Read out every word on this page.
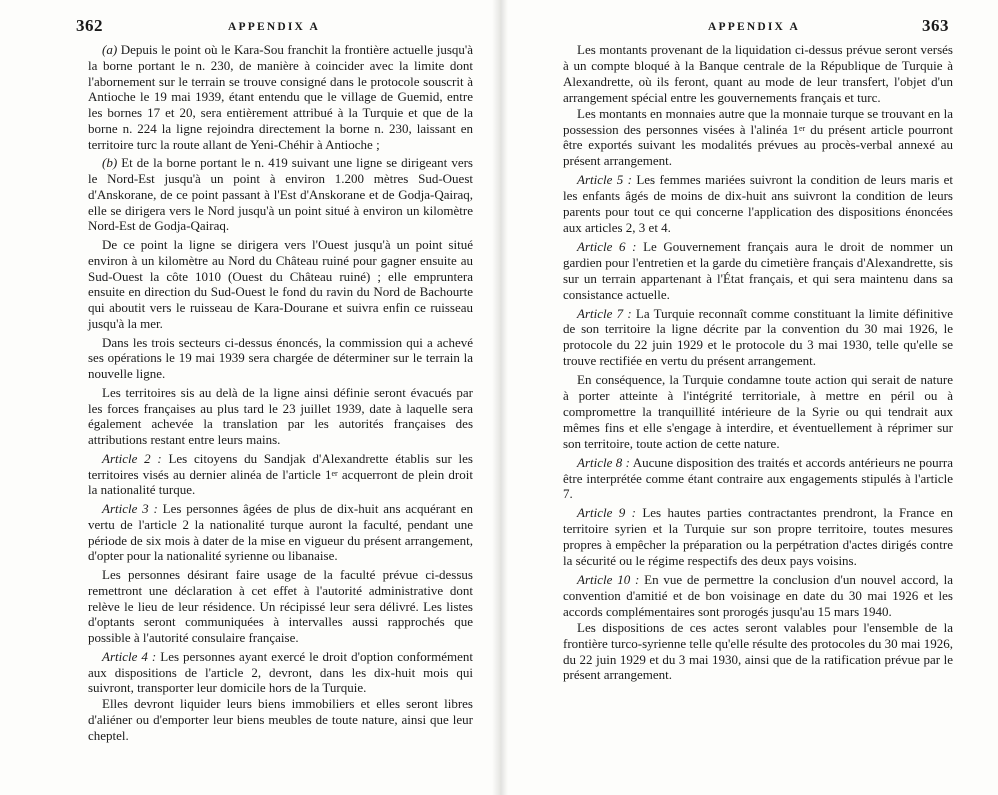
362	APPENDIX A

(a) Depuis le point où le Kara-Sou franchit la frontière actuelle jusqu'à la borne portant le n. 230, de manière à coincider avec la limite dont l'abornement sur le terrain se trouve consigné dans le protocole souscrit à Antioche le 19 mai 1939, étant entendu que le village de Guemid, entre les bornes 17 et 20, sera entièrement attribué à la Turquie et que de la borne n. 224 la ligne rejoindra directement la borne n. 230, laissant en territoire turc la route allant de Yeni-Chéhir à Antioche ;

(b) Et de la borne portant le n. 419 suivant une ligne se dirigeant vers le Nord-Est jusqu'à un point à environ 1.200 mètres Sud-Ouest d'Anskorane, de ce point passant à l'Est d'Anskorane et de Godja-Qairaq, elle se dirigera vers le Nord jusqu'à un point situé à environ un kilomètre Nord-Est de Godja-Qairaq.

De ce point la ligne se dirigera vers l'Ouest jusqu'à un point situé environ à un kilomètre au Nord du Château ruiné pour gagner ensuite au Sud-Ouest la côte 1010 (Ouest du Château ruiné) ; elle empruntera ensuite en direction du Sud-Ouest le fond du ravin du Nord de Bachourte qui aboutit vers le ruisseau de Kara-Dourane et suivra enfin ce ruisseau jusqu'à la mer.

Dans les trois secteurs ci-dessus énoncés, la commission qui a achevé ses opérations le 19 mai 1939 sera chargée de déterminer sur le terrain la nouvelle ligne.

Les territoires sis au delà de la ligne ainsi définie seront évacués par les forces françaises au plus tard le 23 juillet 1939, date à laquelle sera également achevée la translation par les autorités françaises des attributions restant entre leurs mains.

Article 2 : Les citoyens du Sandjak d'Alexandrette établis sur les territoires visés au dernier alinéa de l'article 1er acquerront de plein droit la nationalité turque.

Article 3 : Les personnes âgées de plus de dix-huit ans acquérant en vertu de l'article 2 la nationalité turque auront la faculté, pendant une période de six mois à dater de la mise en vigueur du présent arrangement, d'opter pour la nationalité syrienne ou libanaise.

Les personnes désirant faire usage de la faculté prévue ci-dessus remettront une déclaration à cet effet à l'autorité administrative dont relève le lieu de leur résidence. Un récipissé leur sera délivré. Les listes d'optants seront communiquées à intervalles aussi rapprochés que possible à l'autorité consulaire française.

Article 4 : Les personnes ayant exercé le droit d'option conformément aux dispositions de l'article 2, devront, dans les dix-huit mois qui suivront, transporter leur domicile hors de la Turquie.

Elles devront liquider leurs biens immobiliers et elles seront libres d'aliéner ou d'emporter leur biens meubles de toute nature, ainsi que leur cheptel.

APPENDIX A	363

Les montants provenant de la liquidation ci-dessus prévue seront versés à un compte bloqué à la Banque centrale de la République de Turquie à Alexandrette, où ils feront, quant au mode de leur transfert, l'objet d'un arrangement spécial entre les gouvernements français et turc.

Les montants en monnaies autre que la monnaie turque se trouvant en la possession des personnes visées à l'alinéa 1er du présent article pourront être exportés suivant les modalités prévues au procès-verbal annexé au présent arrangement.

Article 5 : Les femmes mariées suivront la condition de leurs maris et les enfants âgés de moins de dix-huit ans suivront la condition de leurs parents pour tout ce qui concerne l'application des dispositions énoncées aux articles 2, 3 et 4.

Article 6 : Le Gouvernement français aura le droit de nommer un gardien pour l'entretien et la garde du cimetière français d'Alexandrette, sis sur un terrain appartenant à l'État français, et qui sera maintenu dans sa consistance actuelle.

Article 7 : La Turquie reconnaît comme constituant la limite définitive de son territoire la ligne décrite par la convention du 30 mai 1926, le protocole du 22 juin 1929 et le protocole du 3 mai 1930, telle qu'elle se trouve rectifiée en vertu du présent arrangement.

En conséquence, la Turquie condamne toute action qui serait de nature à porter atteinte à l'intégrité territoriale, à mettre en péril ou à compromettre la tranquillité intérieure de la Syrie ou qui tendrait aux mêmes fins et elle s'engage à interdire, et éventuellement à réprimer sur son territoire, toute action de cette nature.

Article 8 : Aucune disposition des traités et accords antérieurs ne pourra être interprétée comme étant contraire aux engagements stipulés à l'article 7.

Article 9 : Les hautes parties contractantes prendront, la France en territoire syrien et la Turquie sur son propre territoire, toutes mesures propres à empêcher la préparation ou la perpétration d'actes dirigés contre la sécurité ou le régime respectifs des deux pays voisins.

Article 10 : En vue de permettre la conclusion d'un nouvel accord, la convention d'amitié et de bon voisinage en date du 30 mai 1926 et les accords complémentaires sont prorogés jusqu'au 15 mars 1940.

Les dispositions de ces actes seront valables pour l'ensemble de la frontière turco-syrienne telle qu'elle résulte des protocoles du 30 mai 1926, du 22 juin 1929 et du 3 mai 1930, ainsi que de la ratification prévue par le présent arrangement.
